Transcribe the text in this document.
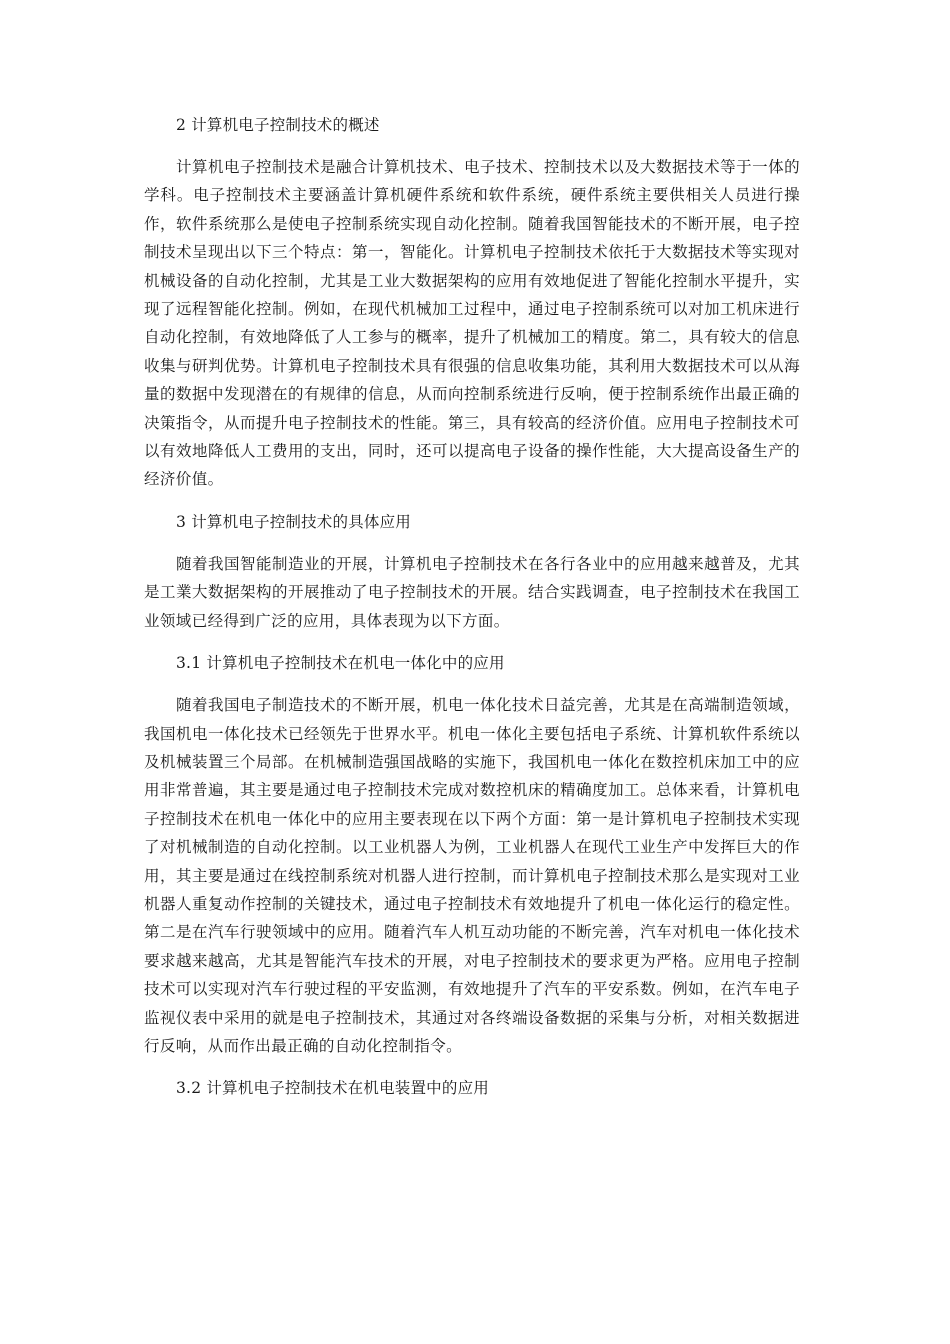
2 计算机电子控制技术的概述
计算机电子控制技术是融合计算机技术、电子技术、控制技术以及大数据技术等于一体的学科。电子控制技术主要涵盖计算机硬件系统和软件系统，硬件系统主要供相关人员进行操作，软件系统那么是使电子控制系统实现自动化控制。随着我国智能技术的不断开展，电子控制技术呈现出以下三个特点：第一，智能化。计算机电子控制技术依托于大数据技术等实现对机械设备的自动化控制，尤其是工业大数据架构的应用有效地促进了智能化控制水平提升，实现了远程智能化控制。例如，在现代机械加工过程中，通过电子控制系统可以对加工机床进行自动化控制，有效地降低了人工参与的概率，提升了机械加工的精度。第二，具有较大的信息收集与研判优势。计算机电子控制技术具有很强的信息收集功能，其利用大数据技术可以从海量的数据中发现潜在的有规律的信息，从而向控制系统进行反响，便于控制系统作出最正确的决策指令，从而提升电子控制技术的性能。第三，具有较高的经济价值。应用电子控制技术可以有效地降低人工费用的支出，同时，还可以提高电子设备的操作性能，大大提高设备生产的经济价值。
3 计算机电子控制技术的具体应用
随着我国智能制造业的开展，计算机电子控制技术在各行各业中的应用越来越普及，尤其是工業大数据架构的开展推动了电子控制技术的开展。结合实践调查，电子控制技术在我国工业领域已经得到广泛的应用，具体表现为以下方面。
3.1 计算机电子控制技术在机电一体化中的应用
随着我国电子制造技术的不断开展，机电一体化技术日益完善，尤其是在高端制造领域，我国机电一体化技术已经领先于世界水平。机电一体化主要包括电子系统、计算机软件系统以及机械装置三个局部。在机械制造强国战略的实施下，我国机电一体化在数控机床加工中的应用非常普遍，其主要是通过电子控制技术完成对数控机床的精确度加工。总体来看，计算机电子控制技术在机电一体化中的应用主要表现在以下两个方面：第一是计算机电子控制技术实现了对机械制造的自动化控制。以工业机器人为例，工业机器人在现代工业生产中发挥巨大的作用，其主要是通过在线控制系统对机器人进行控制，而计算机电子控制技术那么是实现对工业机器人重复动作控制的关键技术，通过电子控制技术有效地提升了机电一体化运行的稳定性。第二是在汽车行驶领域中的应用。随着汽车人机互动功能的不断完善，汽车对机电一体化技术要求越来越高，尤其是智能汽车技术的开展，对电子控制技术的要求更为严格。应用电子控制技术可以实现对汽车行驶过程的平安监测，有效地提升了汽车的平安系数。例如，在汽车电子监视仪表中采用的就是电子控制技术，其通过对各终端设备数据的采集与分析，对相关数据进行反响，从而作出最正确的自动化控制指令。
3.2 计算机电子控制技术在机电装置中的应用
